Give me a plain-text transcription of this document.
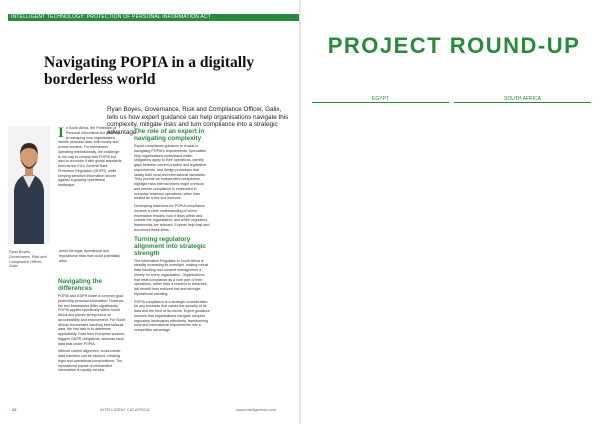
INTELLIGENT TECHNOLOGY: PROTECTION OF PERSONAL INFORMATION ACT
Navigating POPIA in a digitally borderless world
Ryan Boyes, Governance, Risk and Compliance Officer, Galix, tells us how expert guidance can help organisations navigate this complexity, mitigate risks and turn compliance into a strategic advantage.
Ryan Boyes, Governance, Risk and Compliance Officer, Galix

In South Africa, the Protection of Personal Information Act (POPIA) is reshaping how organisations handle personal data, both locally and across borders. For businesses operating internationally, the challenge is not only to comply with POPIA but also to reconcile it with global standards such as the EU's General Data Protection Regulation (GDPR), while keeping sensitive information secure against a growing cyberthreat landscape.

avoid the legal, operational and reputational risks that could potentially arise.

Navigating the differences

POPIA and GDPR share a common goal: protecting personal information. However, the two frameworks differ significantly. POPIA applies specifically within South Africa and places strong focus on accountability and enforcement. For South African businesses handling international data, the first task is to determine applicability. Data from European sources triggers GDPR obligations, whereas local data falls under POPIA.

Without careful alignment, cross-border data transfers can be blocked, creating legal and operational complications. The reputational impact of mishandled information is equally serious.

The role of an expert in navigating complexity

Expert compliance guidance is crucial in navigating POPIA's requirements. Specialists help organisations understand which obligations apply to their operations, identify gaps between current practice and legislative requirements, and design processes that satisfy both local and international standards. They provide an independent perspective, highlight risks internal teams might overlook and ensure compliance is embedded in everyday business operations rather than treated as a tick-box exercise.

Developing readiness for POPIA compliance involves a clear understanding of where information resides, how it flows within and outside the organisation, and which regulatory frameworks are relevant. Experts help map and document these flows.

Turning regulatory alignment into strategic strength

The Information Regulator in South Africa is steadily increasing its oversight, making robust data handling and consent management a priority for every organisation. Organisations that treat compliance as a core part of their operations, rather than a reaction to breaches, will benefit from reduced risk and stronger reputational standing.

POPIA compliance is a strategic consideration for any business that values the security of its data and the trust of its clients. Expert guidance ensures that organisations navigate complex regulatory landscapes effectively, transforming local and international requirements into a competitive advantage.

22	INTELLIGENT CIO AFRICA	www.intelligentcio.com
PROJECT ROUND-UP
EGYPT	SOUTH AFRICA
